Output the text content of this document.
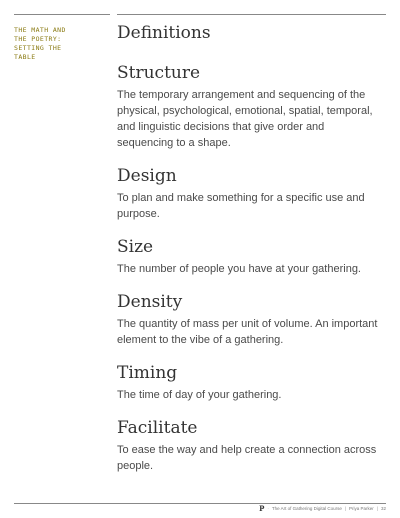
THE MATH AND
THE POETRY:
SETTING THE
TABLE
Definitions
Structure

The temporary arrangement and sequencing of the physical, psychological, emotional, spatial, temporal, and linguistic decisions that give order and sequencing to a shape.

Design

To plan and make something for a specific use and purpose.

Size

The number of people you have at your gathering.

Density

The quantity of mass per unit of volume. An important element to the vibe of a gathering.

Timing

The time of day of your gathering.

Facilitate

To ease the way and help create a connection across people.

P · The Art of Gathering Digital Course | Priya Parker | 32
